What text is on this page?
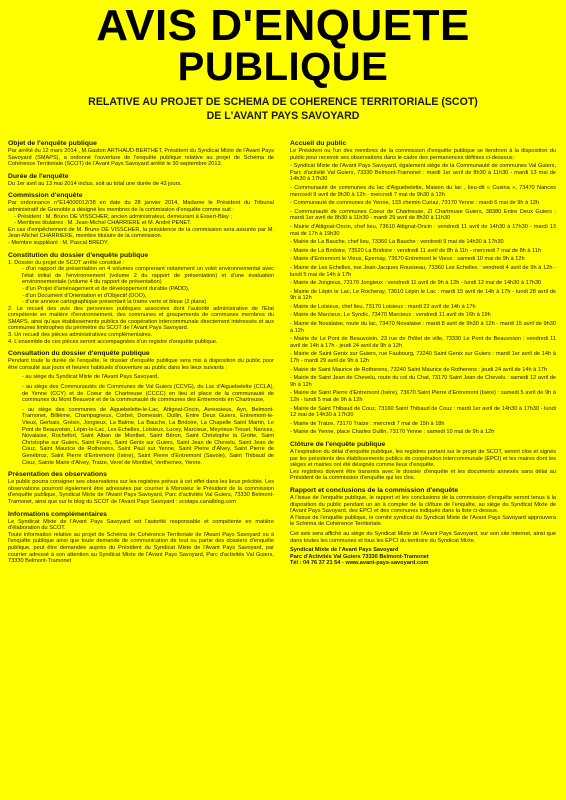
AVIS D'ENQUETE
PUBLIQUE
RELATIVE AU PROJET DE SCHEMA DE COHERENCE TERRITORIALE (SCOT)
DE L'AVANT PAYS SAVOYARD
Objet de l'enquête publique

Par arrêté du 12 mars 2014 , M.Gaston ARTHAUD-BERTHET, Président du Syndicat Mixte de l'Avant Pays Savoyard (SMAPS), a ordonné l'ouverture de l'enquête publique relative au projet de Schéma de Cohérence Territoriale (SCOT) de l'Avant Pays Savoyard arrêté le 30 septembre 2013.

Durée de l'enquête

Du 1er avril au 13 mai 2014 inclus, soit au total une durée de 43 jours.

Commission d'enquête

Par ordonnance n°E14000012/38 en date du 28 janvier 2014, Madame le Président du Tribunal administratif de Grenoble a désigné les membres de la commission d'enquête comme suit :

- Président : M. Bruno DE VISSCHER, ancien administrateur, demeurant à Essert-Blay ;

- Membres titulaires : M. Jean-Michel CHARRIERE et M. André PENET.

En cas d'empêchement de M. Bruno DE VISSCHER, la présidence de la commission sera assurée par M. Jean-Michel CHARRIERE, membre titulaire de la commission.

- Membre suppléant : M. Pascal BREDY.

Constitution du dossier d'enquête publique

1. Dossier du projet de SCOT arrêté constitué :

- d'un rapport de présentation en 4 volumes comprenant notamment un volet environnemental avec l'état initial de l'environnement (volume 2 du rapport de présentation) et d'une évaluation environnementale (volume 4 du rapport de présentation)

- d'un Projet d'aménagement et de développement durable (PADD),

- d'un Document d'Orientation et d'Objectif (DOO),

- d'une annexe cartographique présentant la trame verte et bleue (2 plans)

2. Le recueil des avis des personnes publiques associées dont l'autorité administrative de l'Etat compétente en matière d'environnement, des communes et groupements de communes membres du SMAPS, ainsi qu'aux établissements publics de coopération intercommunale directement intéressés et aux communes limitrophes du périmètre du SCOT de l'Avant Pays Savoyard.

3. Un recueil des pièces administratives complémentaires.

4. L'ensemble de ces pièces seront accompagnées d'un registre d'enquête publique.

Consultation du dossier d'enquête publique

Pendant toute la durée de l'enquête, le dossier d'enquête publique sera mis à disposition du public pour être consulté aux jours et heures habituels d'ouverture au public dans les lieux suivants :

- au siège du Syndicat Mixte de l'Avant Pays Savoyard,

- au siège des Communautés de Communes de Val Guiers (CCVG), du Lac d'Aiguebelette (CCLA), de Yenne (CCY) et de Coeur de Chartreuse (CCCC) en lieu et place de la communauté de communes du Mont Beauvoir et de la communauté de communes des Entremonts en Chartreuse,

- au siège des communes de Aiguebelette-le-Lac, Attignat-Oncin, Avressieux, Ayn, Belmont-Tramonet, Billième, Champagneux, Corbel, Domessin, Dullin, Entre Deux Guiers, Entremont-le-Vieux, Gerbaix, Grésin, Jongieux, La Balme, La Bauche, La Bridoire, La Chapelle Saint Martin, Le Pont de Beauvoisin, Lépin-le-Lac, Les Echelles, Loisieux, Lucey, Marcieux, Meyrieux-Trouet, Nances, Novalaise, Rochefort, Saint Alban de Montbel, Saint Béron, Saint Christophe la Grotte, Saint Christophe sur Guiers, Saint Franc, Saint Genix sur Guiers, Saint Jean de Chevelu, Saint Jean de Couz, Saint Maurice de Rotherens, Saint Paul sur Yenne, Saint Pierre d'Alvey, Saint Pierre de Genébroz, Saint Pierre d'Entremont (Isère), Saint Pierre d'Entremont (Savoie), Saint Thibaud de Couz, Sainte Marie d'Alvey, Traize, Verel de Montbel, Verthemex, Yenne.

Présentation des observations

Le public pourra consigner ses observations sur les registres prévus à cet effet dans les lieux précités. Les observations pourront également être adressées par courrier à Monsieur le Président de la commission d'enquête publique, Syndicat Mixte de l'Avant Pays Savoyard, Parc d'activités Val Guiers, 73330 Belmont-Tramonet, ainsi que sur le blog du SCOT de l'Avant Pays Savoyard : scotaps.canalblog.com

Informations complémentaires

Le Syndicat Mixte de l'Avant Pays Savoyard est l'autorité responsable et compétente en matière d'élaboration du SCOT.

Toute information relative au projet de Schéma de Cohérence Territoriale de l'Avant Pays Savoyard ou à l'enquête publique ainsi que toute demande de communication de tout ou partie des dossiers d'enquête publique, peut être demandée auprès du Président du Syndicat Mixte de l'Avant Pays Savoyard, par courrier adressé à son attention au Syndicat Mixte de l'Avant Pays Savoyard, Parc d'activités Val Guiers, 73330 Belmont-Tramonet

Accueil du public

Le Président ou l'un des membres de la commission d'enquête publique se tiendront à la disposition du public pour recevoir ses observations dans le cadre des permanences définies ci-dessous :

- Syndicat Mixte de l'Avant Pays Savoyard, également siège de la Communauté de communes Val Guiers, Parc d'activité Val Guiers, 73330 Belmont-Tramonet : mardi 1er avril de 8h30 à 11h30 - mardi 13 mai de 14h30 à 17h30

- Communauté de communes du lac d'Aiguebelette, Maison du lac , lieu-dit « Cusina », 73470 Nances mercredi 9 avril de 9h30 à 12h - mercredi 7 mai de 9h30 à 12h

- Communauté de communes de Yenne, 133 chemin Curiaz, 73170 Yenne : mardi 6 mai de 9h à 12h

- Communauté de communes Coeur de Chartreuse, ZI Chartreuse Guiers, 38380 Entre Deux Guiers : mardi 1er avril de 8h30 à 11h30 - mardi 29 avril de 8h30 à 11h30

- Mairie d'Attignat-Oncin, chef lieu, 73610 Attignat-Oncin : vendredi 11 avril de 14h30 à 17h30 - mardi 13 mai de 17h à 19h30

- Mairie de La Bauche, chef lieu, 73360 La Bauche : vendredi 9 mai de 14h30 à 17h30

- Mairie de La Bridoire, 73520 La Bridoire : vendredi 11 avril de 8h à 11h - mercredi 7 mai de 8h à 11h

- Mairie d'Entremont le Vieux, Epernay, 73670 Entremont le Vieux : samedi 10 mai de 9h à 12h

- Mairie de Les Echelles, rue Jean-Jacques Rousseau, 73360 Les Echelles : vendredi 4 avril de 9h à 12h - lundi 5 mai de 14h à 17h

- Mairie de Jongieux, 73170 Jongieux : vendredi 11 avril de 9h à 12h - lundi 12 mai de 14h30 à 17h30

- Mairie de Lépin le Lac, Le Rocheray, 73610 Lépin le Lac : mardi 15 avril de 14h à 17h - lundi 28 avril de 9h à 12h

- Mairie de Loisieux, chef lieu, 73170 Loisieux : mardi 22 avril de 14h à 17h

- Mairie de Marcieux, Le Syndic, 73470 Marcieux : vendredi 11 avril de 16h à 19h

- Mairie de Novalaise, route du lac, 73470 Novalaise : mardi 8 avril de 9h30 à 12h - mardi 15 avril de 9h30 à 12h

- Mairie de Le Pont de Beauvoisin, 23 rue de l'hôtel de ville, 73330 Le Pont de Beauvoisin : vendredi 11 avril de 14h à 17h - jeudi 24 avril de 9h à 12h

- Mairie de Saint Genix sur Guiers, rue Faubourg, 73240 Saint Genix sur Guiers : mardi 1er avril de 14h à 17h - mardi 29 avril de 9h à 12h

- Mairie de Saint Maurice de Rotherens, 73240 Saint Maurice de Rotherens : jeudi 24 avril de 14h à 17h

- Mairie de Saint Jean de Chevelu, route du col du Chat, 73170 Saint Jean de Chevelu : samedi 12 avril de 9h à 12h

- Mairie de Saint Pierre d'Entremont (Isère), 73670 Saint Pierre d'Entremont (Isère) : samedi 5 avril de 9h à 12h - lundi 5 mai de 9h à 12h

- Mairie de Saint Thibaud de Couz, 73160 Saint Thibaud de Couz : mardi 1er avril de 14h30 à 17h30 - lundi 12 mai de 14h30 à 17h30

- Mairie de Traize, 73170 Traize : mercredi 7 mai de 15h à 18h

- Mairie de Yenne, place Charles Dullin, 73170 Yenne : samedi 10 mai de 9h à 12h

Clôture de l'enquête publique

A l'expiration du délai d'enquête publique, les registres portant sur le projet de SCOT, seront clos et signés par les présidents des établissements publics de coopération intercommunale (EPCI) et les maires dont les sièges et mairies ont été désignés comme lieux d'enquête.

Les registres doivent être transmis avec le dossier d'enquête et les documents annexés sans délai au Président de la commission d'enquête qui les clos.

Rapport et conclusions de la commission d'enquête

A l'issue de l'enquête publique, le rapport et les conclusions de la commission d'enquête seront tenus à la disposition du public pendant un an à compter de la clôture de l'enquête, au siège du Syndicat Mixte de l'Avant Pays Savoyard, des EPCI et des communes indiqués dans la liste ci-dessus.

A l'issue de l'enquête publique, le comité syndical du Syndicat Mixte de l'Avant Pays Savoyard approuvera le Schéma de Cohérence Territoriale.

Cet avis sera affiché au siège du Syndicat Mixte de l'Avant Pays Savoyard, sur son site internet, ainsi que dans toutes les communes et tous les EPCI du territoire du Syndicat Mixte.

Syndicat Mixte de l'Avant Pays Savoyard

Parc d'Activités Val Guiers 73330 Belmont-Tramonet

Tél : 04 76 37 21 54 - www.avant-pays-savoyard.com
